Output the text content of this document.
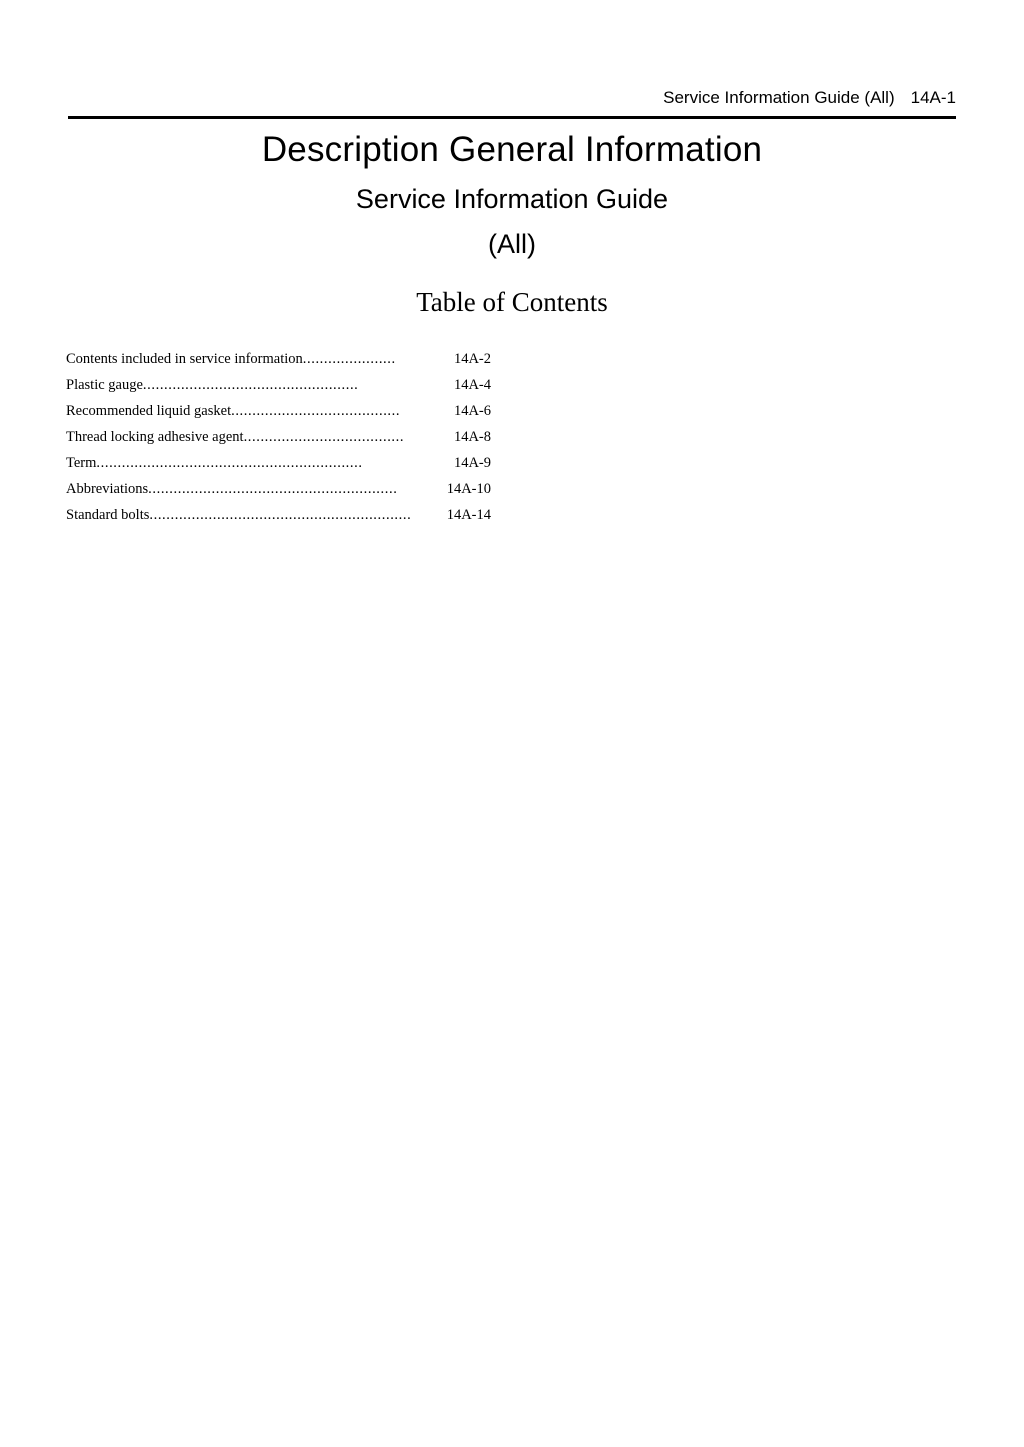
Service Information Guide (All) 14A-1
Description General Information
Service Information Guide
(All)
Table of Contents
Contents included in service information ......................	14A-2
Plastic gauge ...................................................	14A-4
Recommended liquid gasket ........................................	14A-6
Thread locking adhesive agent ......................................	14A-8
Term ...............................................................	14A-9
Abbreviations ...........................................................	14A-10
Standard bolts ..............................................................	14A-14
